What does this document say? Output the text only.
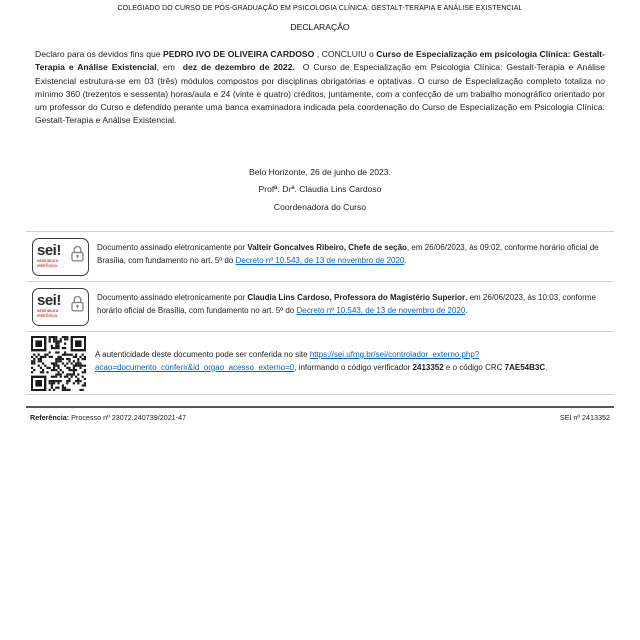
COLEGIADO DO CURSO DE PÓS-GRADUAÇÃO EM PSICOLOGIA CLÍNICA: GESTALT-TERAPIA E ANÁLISE EXISTENCIAL
DECLARAÇÃO

Declaro para os devidos fins que PEDRO IVO DE OLIVEIRA CARDOSO , CONCLUIU o Curso de Especialização em psicologia Clínica: Gestalt-Terapia e Análise Existencial, em  dez de dezembro de 2022.  O Curso de Especialização em Psicologia Clínica: Gestalt-Terapia e Análise Existencial estrutura-se em 03 (três) módulos compostos por disciplinas obrigatórias e optativas. O curso de Especialização completo totaliza no mínimo 360 (trezentos e sessenta) horas/aula e 24 (vinte e quatro) créditos, juntamente, com a confecção de um trabalho monográfico orientado por um professor do Curso e defendido perante uma banca examinadora indicada pela coordenação do Curso de Especialização em Psicologia Clínica: Gestalt-Terapia e Análise Existencial.

Belo Horizonte, 26 de junho de 2023.
Profª. Drª. Claudia Lins Cardoso
Coordenadora do Curso
sei!
assinatura eletrônica

Documento assinado eletronicamente por Valteir Goncalves Ribeiro, Chefe de seção, em 26/06/2023, às 09:02, conforme horário oficial de Brasília, com fundamento no art. 5º do Decreto nº 10.543, de 13 de novembro de 2020.

sei!
assinatura eletrônica

Documento assinado eletronicamente por Claudia Lins Cardoso, Professora do Magistério Superior, em 26/06/2023, às 10:03, conforme horário oficial de Brasília, com fundamento no art. 5º do Decreto nº 10.543, de 13 de novembro de 2020.

A autenticidade deste documento pode ser conferida no site https://sei.ufmg.br/sei/controlador_externo.php?
acao=documento_conferir&id_orgao_acesso_externo=0, informando o código verificador 2413352 e o código CRC 7AE54B3C.

Referência: Processo nº 23072.240739/2021-47	SEI nº 2413352
